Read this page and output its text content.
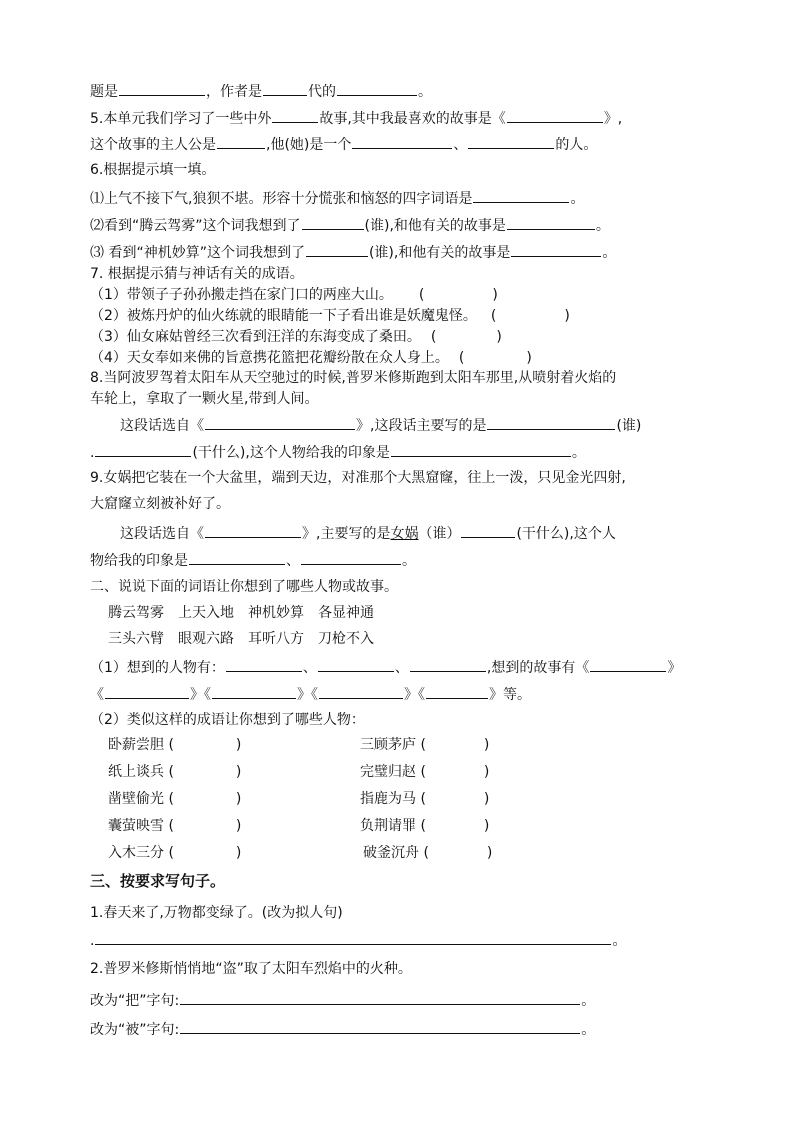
题是	，作者是	代的	。
5.本单元我们学习了一些中外	故事,其中我最喜欢的故事是《	》,
这个故事的主人公是	,他(她)是一个	、	的人。
6.根据提示填一填。
⑴上气不接下气,狼狈不堪。形容十分慌张和恼怒的四字词语是	。
⑵看到“腾云驾雾”这个词我想到了	(谁),和他有关的故事是	。
⑶ 看到“神机妙算”这个词我想到了	(谁),和他有关的故事是	。
7. 根据提示猜与神话有关的成语。
（1）带领子子孙孙搬走挡在家门口的两座大山。 (	)
（2）被炼丹炉的仙火练就的眼睛能一下子看出谁是妖魔鬼怪。 (	)
（3）仙女麻姑曾经三次看到汪洋的东海变成了桑田。 (	)
（4）天女奉如来佛的旨意携花篮把花瓣纷散在众人身上。 (	)
8.当阿波罗驾着太阳车从天空驰过的时候,普罗米修斯跑到太阳车那里,从喷射着火焰的
车轮上，拿取了一颗火星,带到人间。
这段话选自《	》,这段话主要写的是	(谁)
.	(干什么),这个人物给我的印象是	。
9.女娲把它装在一个大盆里，端到天边，对准那个大黑窟窿，往上一泼，只见金光四射,
大窟窿立刻被补好了。
这段话选自《	》,主要写的是女娲（谁）	(干什么),这个人
物给我的印象是	、	。
二、说说下面的词语让你想到了哪些人物或故事。
腾云驾雾 上天入地 神机妙算 各显神通
三头六臂 眼观六路 耳听八方 刀枪不入
（1）想到的人物有：	、	、	,想到的故事有《	》
《	》《	》《	》《	》等。
（2）类似这样的成语让你想到了哪些人物：
卧薪尝胆 (	)	三顾茅庐 (	)
纸上谈兵 (	)	完璧归赵 (	)
凿壁偷光 (	)	指鹿为马 (	)
囊萤映雪 (	)	负荆请罪 (	)
入木三分 (	)	破釜沉舟 (	)
三、按要求写句子。
1.春天来了,万物都变绿了。(改为拟人句)
.	。
2.普罗米修斯悄悄地“盗”取了太阳车烈焰中的火种。
改为“把”字句:	。
改为“被”字句:	。
